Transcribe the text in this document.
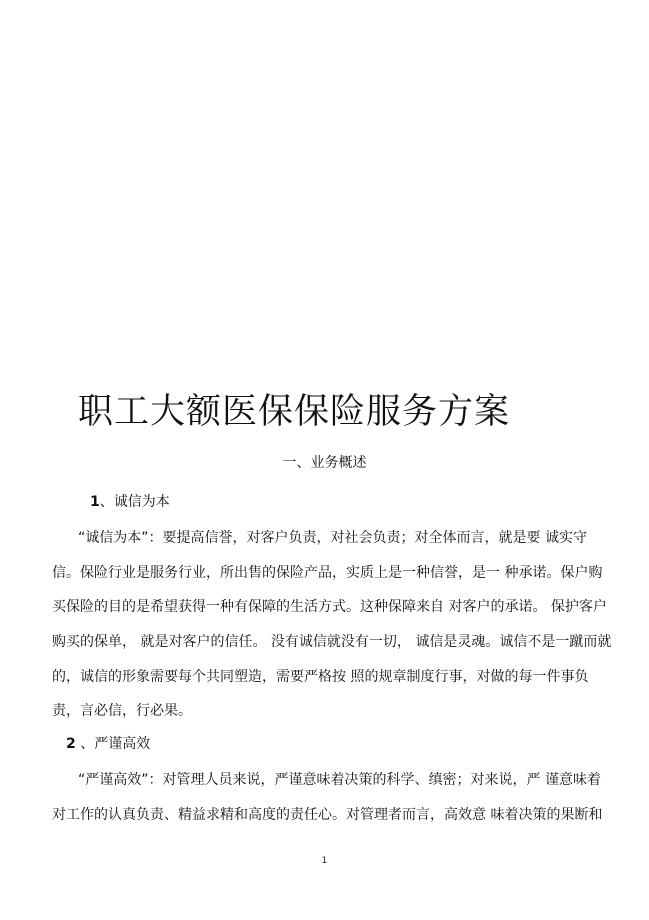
职工大额医保保险服务方案
一、业务概述
1、诚信为本
“诚信为本”：要提高信誉，对客户负责，对社会负责；对全体而言，就是要 诚实守
信。保险行业是服务行业，所出售的保险产品，实质上是一种信誉，是一 种承诺。保户购
买保险的目的是希望获得一种有保障的生活方式。这种保障来自 对客户的承诺。 保护客户
购买的保单， 就是对客户的信任。 没有诚信就没有一切， 诚信是灵魂。诚信不是一蹴而就
的，诚信的形象需要每个共同塑造，需要严格按 照的规章制度行事，对做的每一件事负
责，言必信，行必果。
2 、严谨高效
“严谨高效”：对管理人员来说，严谨意味着决策的科学、缜密；对来说，严 谨意味着
对工作的认真负责、精益求精和高度的责任心。对管理者而言，高效意 味着决策的果断和
1
